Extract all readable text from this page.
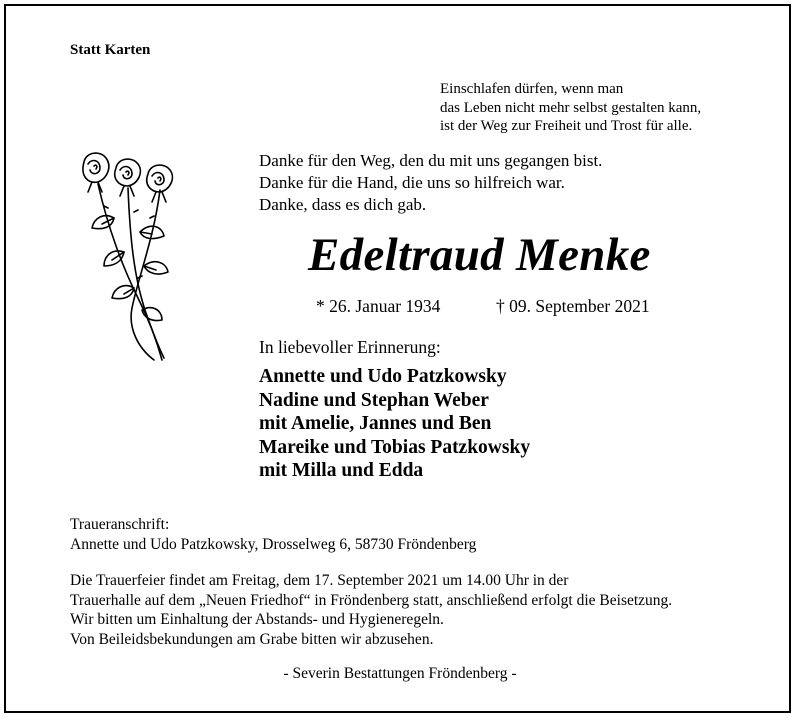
Statt Karten
Einschlafen dürfen, wenn man
das Leben nicht mehr selbst gestalten kann,
ist der Weg zur Freiheit und Trost für alle.
Danke für den Weg, den du mit uns gegangen bist.
Danke für die Hand, die uns so hilfreich war.
Danke, dass es dich gab.
Edeltraud Menke
* 26. Januar 1934	† 09. September 2021
In liebevoller Erinnerung:
Annette und Udo Patzkowsky
Nadine und Stephan Weber
mit Amelie, Jannes und Ben
Mareike und Tobias Patzkowsky
mit Milla und Edda
Traueranschrift:
Annette und Udo Patzkowsky, Drosselweg 6, 58730 Fröndenberg
Die Trauerfeier findet am Freitag, dem 17. September 2021 um 14.00 Uhr in der
Trauerhalle auf dem „Neuen Friedhof“ in Fröndenberg statt, anschließend erfolgt die Beisetzung.
Wir bitten um Einhaltung der Abstands- und Hygieneregeln.
Von Beileidsbekundungen am Grabe bitten wir abzusehen.
- Severin Bestattungen Fröndenberg -
